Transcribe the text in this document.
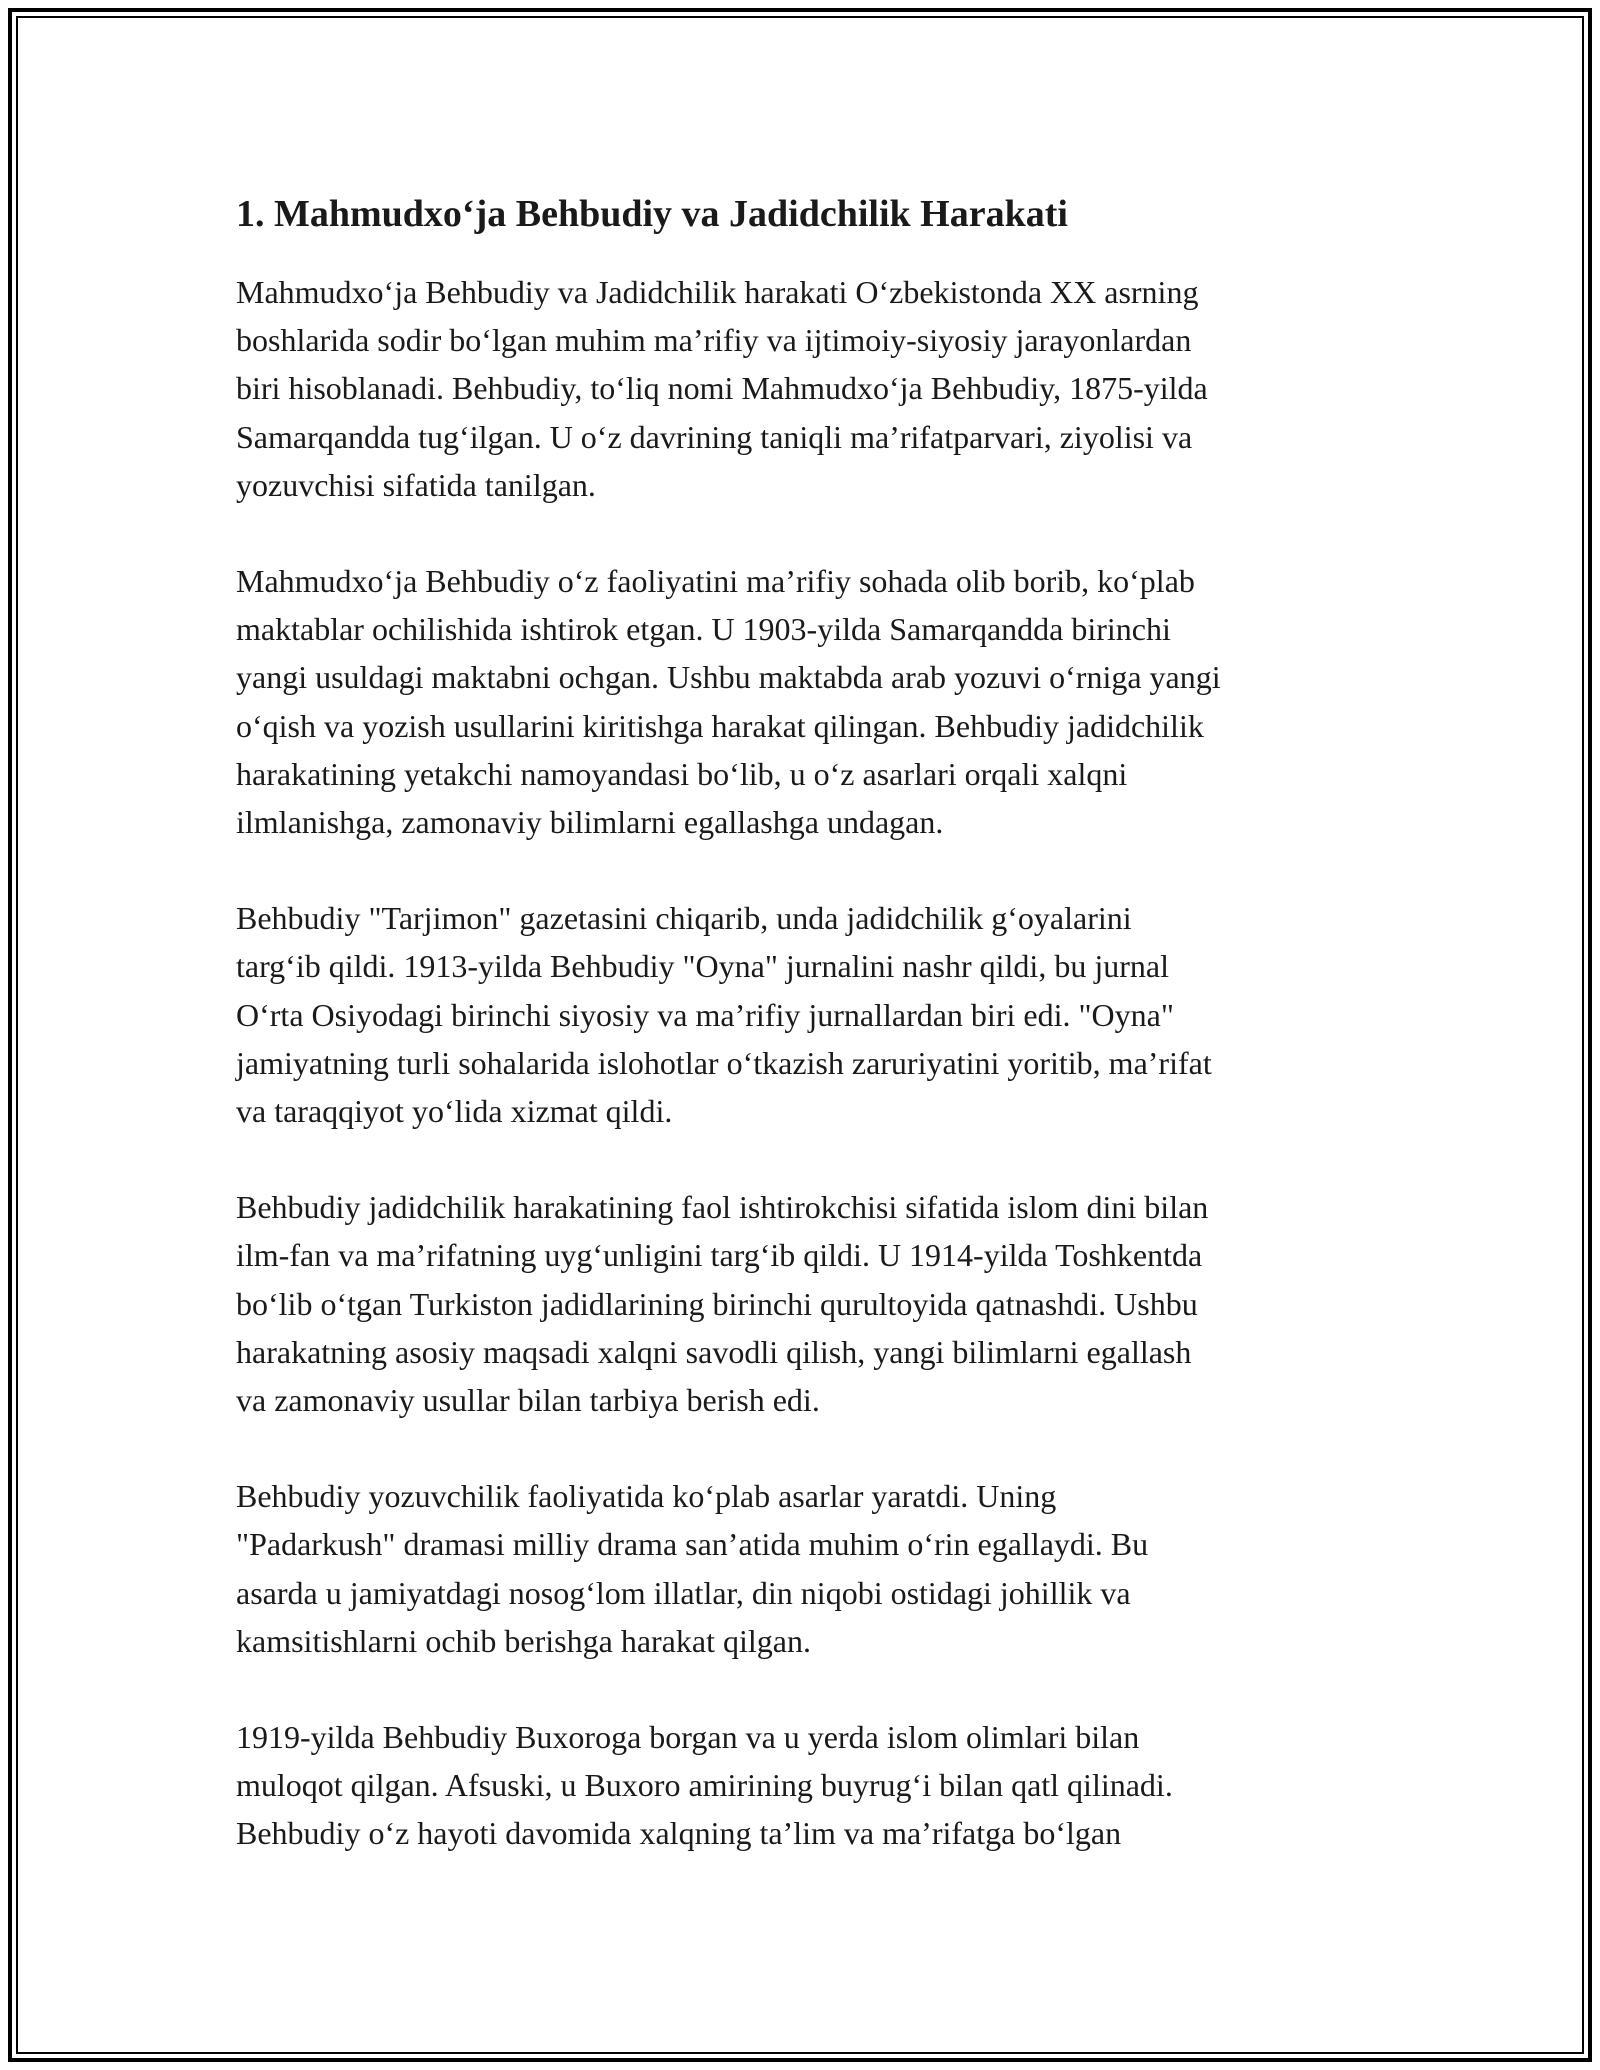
1. Mahmudxo‘ja Behbudiy va Jadidchilik Harakati

Mahmudxo‘ja Behbudiy va Jadidchilik harakati O‘zbekistonda XX asrning
boshlarida sodir bo‘lgan muhim ma’rifiy va ijtimoiy-siyosiy jarayonlardan
biri hisoblanadi. Behbudiy, to‘liq nomi Mahmudxo‘ja Behbudiy, 1875-yilda
Samarqandda tug‘ilgan. U o‘z davrining taniqli ma’rifatparvari, ziyolisi va
yozuvchisi sifatida tanilgan.

Mahmudxo‘ja Behbudiy o‘z faoliyatini ma’rifiy sohada olib borib, ko‘plab
maktablar ochilishida ishtirok etgan. U 1903-yilda Samarqandda birinchi
yangi usuldagi maktabni ochgan. Ushbu maktabda arab yozuvi o‘rniga yangi
o‘qish va yozish usullarini kiritishga harakat qilingan. Behbudiy jadidchilik
harakatining yetakchi namoyandasi bo‘lib, u o‘z asarlari orqali xalqni
ilmlanishga, zamonaviy bilimlarni egallashga undagan.

Behbudiy "Tarjimon" gazetasini chiqarib, unda jadidchilik g‘oyalarini
targ‘ib qildi. 1913-yilda Behbudiy "Oyna" jurnalini nashr qildi, bu jurnal
O‘rta Osiyodagi birinchi siyosiy va ma’rifiy jurnallardan biri edi. "Oyna"
jamiyatning turli sohalarida islohotlar o‘tkazish zaruriyatini yoritib, ma’rifat
va taraqqiyot yo‘lida xizmat qildi.

Behbudiy jadidchilik harakatining faol ishtirokchisi sifatida islom dini bilan
ilm-fan va ma’rifatning uyg‘unligini targ‘ib qildi. U 1914-yilda Toshkentda
bo‘lib o‘tgan Turkiston jadidlarining birinchi qurultoyida qatnashdi. Ushbu
harakatning asosiy maqsadi xalqni savodli qilish, yangi bilimlarni egallash
va zamonaviy usullar bilan tarbiya berish edi.

Behbudiy yozuvchilik faoliyatida ko‘plab asarlar yaratdi. Uning
"Padarkush" dramasi milliy drama san’atida muhim o‘rin egallaydi. Bu
asarda u jamiyatdagi nosog‘lom illatlar, din niqobi ostidagi johillik va
kamsitishlarni ochib berishga harakat qilgan.

1919-yilda Behbudiy Buxoroga borgan va u yerda islom olimlari bilan
muloqot qilgan. Afsuski, u Buxoro amirining buyrug‘i bilan qatl qilinadi.
Behbudiy o‘z hayoti davomida xalqning ta’lim va ma’rifatga bo‘lgan
